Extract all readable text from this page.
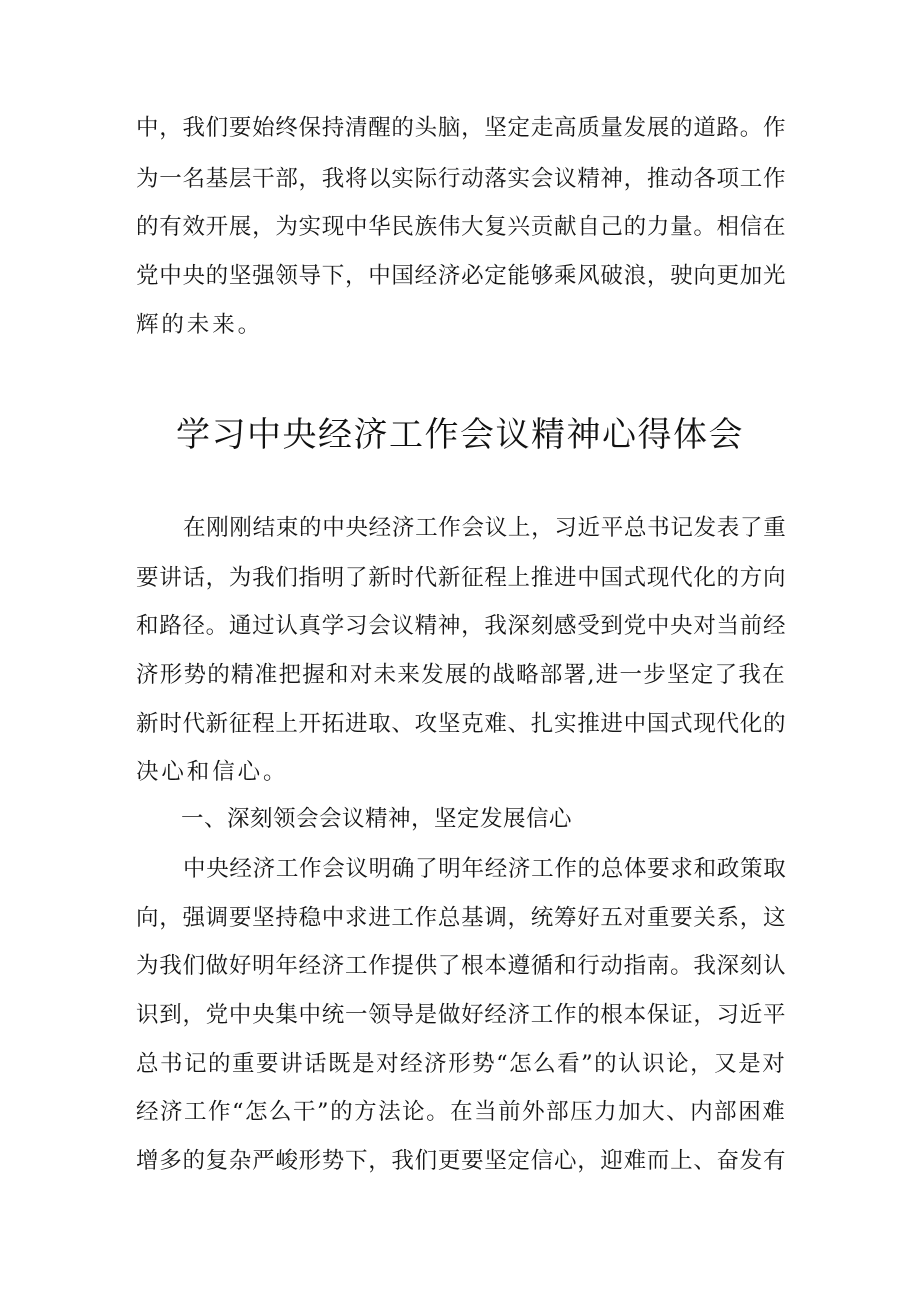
中，我们要始终保持清醒的头脑，坚定走高质量发展的道路。作
为一名基层干部，我将以实际行动落实会议精神，推动各项工作
的有效开展，为实现中华民族伟大复兴贡献自己的力量。相信在
党中央的坚强领导下，中国经济必定能够乘风破浪，驶向更加光
辉的未来。
学习中央经济工作会议精神心得体会
在刚刚结束的中央经济工作会议上，习近平总书记发表了重
要讲话，为我们指明了新时代新征程上推进中国式现代化的方向
和路径。通过认真学习会议精神，我深刻感受到党中央对当前经
济形势的精准把握和对未来发展的战略部署,进一步坚定了我在
新时代新征程上开拓进取、攻坚克难、扎实推进中国式现代化的
决心和信心。
一、深刻领会会议精神，坚定发展信心
中央经济工作会议明确了明年经济工作的总体要求和政策取
向，强调要坚持稳中求进工作总基调，统筹好五对重要关系，这
为我们做好明年经济工作提供了根本遵循和行动指南。我深刻认
识到，党中央集中统一领导是做好经济工作的根本保证，习近平
总书记的重要讲话既是对经济形势“怎么看”的认识论，又是对
经济工作“怎么干”的方法论。在当前外部压力加大、内部困难
增多的复杂严峻形势下，我们更要坚定信心，迎难而上、奋发有
